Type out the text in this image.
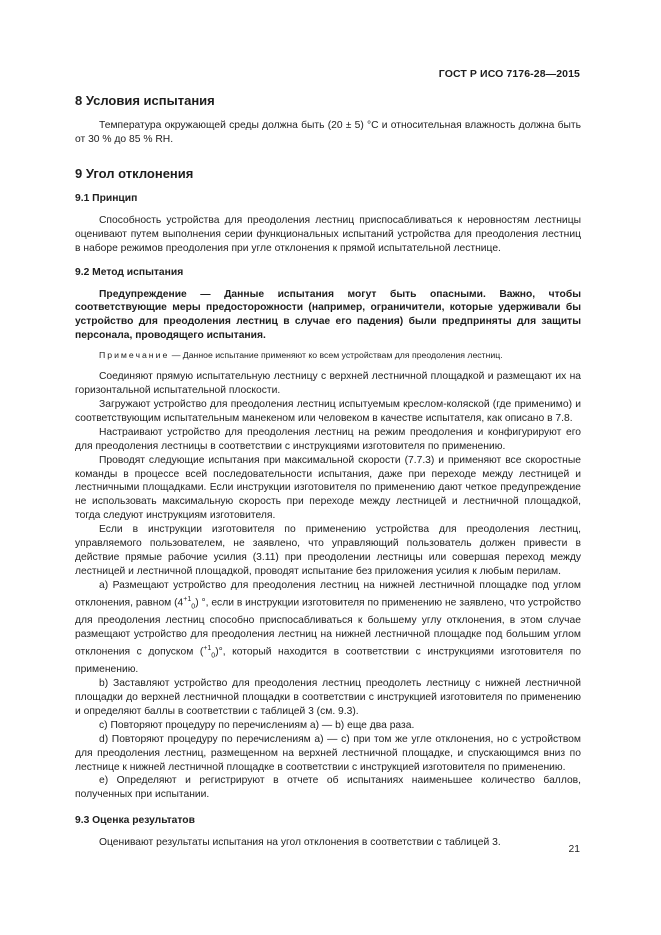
ГОСТ Р ИСО 7176-28—2015
8 Условия испытания

Температура окружающей среды должна быть (20 ± 5) °С и относительная влажность должна быть от 30 % до 85 % RH.

9 Угол отклонения
9.1 Принцип

Способность устройства для преодоления лестниц приспосабливаться к неровностям лестницы оценивают путем выполнения серии функциональных испытаний устройства для преодоления лестниц в наборе режимов преодоления при угле отклонения к прямой испытательной лестнице.

9.2 Метод испытания

Предупреждение — Данные испытания могут быть опасными. Важно, чтобы соответствующие меры предосторожности (например, ограничители, которые удерживали бы устройство для преодоления лестниц в случае его падения) были предприняты для защиты персонала, проводящего испытания.

Примечание — Данное испытание применяют ко всем устройствам для преодоления лестниц.

Соединяют прямую испытательную лестницу с верхней лестничной площадкой и размещают их на горизонтальной испытательной плоскости.

Загружают устройство для преодоления лестниц испытуемым креслом-коляской (где применимо) и соответствующим испытательным манекеном или человеком в качестве испытателя, как описано в 7.8.

Настраивают устройство для преодоления лестниц на режим преодоления и конфигурируют его для преодоления лестницы в соответствии с инструкциями изготовителя по применению.

Проводят следующие испытания при максимальной скорости (7.7.3) и применяют все скоростные команды в процессе всей последовательности испытания, даже при переходе между лестницей и лестничными площадками. Если инструкции изготовителя по применению дают четкое предупреждение не использовать максимальную скорость при переходе между лестницей и лестничной площадкой, тогда следуют инструкциям изготовителя.

Если в инструкции изготовителя по применению устройства для преодоления лестниц, управляемого пользователем, не заявлено, что управляющий пользователь должен привести в действие прямые рабочие усилия (3.11) при преодолении лестницы или совершая переход между лестницей и лестничной площадкой, проводят испытание без приложения усилия к любым перилам.

a) Размещают устройство для преодоления лестниц на нижней лестничной площадке под углом отклонения, равном $(4^{+1}_0)$ °, если в инструкции изготовителя по применению не заявлено, что устройство для преодоления лестниц способно приспосабливаться к большему углу отклонения, в этом случае размещают устройство для преодоления лестниц на нижней лестничной площадке под большим углом отклонения с допуском ($^{+1}_0$)°, который находится в соответствии с инструкциями изготовителя по применению.

b) Заставляют устройство для преодоления лестниц преодолеть лестницу с нижней лестничной площадки до верхней лестничной площадки в соответствии с инструкцией изготовителя по применению и определяют баллы в соответствии с таблицей 3 (см. 9.3).

c) Повторяют процедуру по перечислениям a) — b) еще два раза.

d) Повторяют процедуру по перечислениям a) — c) при том же угле отклонения, но с устройством для преодоления лестниц, размещенном на верхней лестничной площадке, и спускающимся вниз по лестнице к нижней лестничной площадке в соответствии с инструкцией изготовителя по применению.

e) Определяют и регистрируют в отчете об испытаниях наименьшее количество баллов, полученных при испытании.

9.3 Оценка результатов

Оценивают результаты испытания на угол отклонения в соответствии с таблицей 3.

21
